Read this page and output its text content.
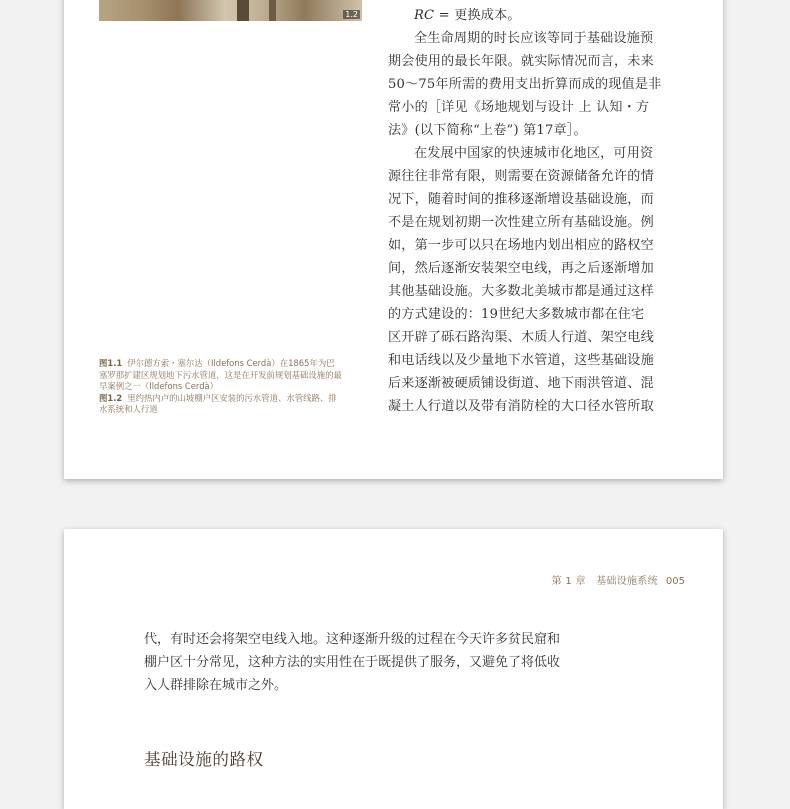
1.2	RC = 更换成本。
全生命周期的时长应该等同于基础设施预
期会使用的最长年限。就实际情况而言，未来
50～75年所需的费用支出折算而成的现值是非
常小的［详见《场地规划与设计 上 认知・方
法》(以下简称“上卷”) 第17章］。
在发展中国家的快速城市化地区，可用资
源往往非常有限，则需要在资源储备允许的情
况下，随着时间的推移逐渐增设基础设施，而
不是在规划初期一次性建立所有基础设施。例
如，第一步可以只在场地内划出相应的路权空
间，然后逐渐安装架空电线，再之后逐渐增加
其他基础设施。大多数北美城市都是通过这样
的方式建设的：19世纪大多数城市都在住宅
区开辟了砾石路沟渠、木质人行道、架空电线
和电话线以及少量地下水管道，这些基础设施
后来逐渐被硬质铺设街道、地下雨洪管道、混
凝土人行道以及带有消防栓的大口径水管所取

图1.1 伊尔德方索・塞尔达（Ildefons Cerdà）在1865年为巴

塞罗那扩建区规划地下污水管道，这是在开发前规划基础设施的最

早案例之一（Ildefons Cerdà）

图1.2 里约热内卢的山坡棚户区安装的污水管道、水管线路、排

水系统和人行道

第 1 章　基础设施系统 005
代，有时还会将架空电线入地。这种逐渐升级的过程在今天许多贫民窟和
棚户区十分常见，这种方法的实用性在于既提供了服务，又避免了将低收
入人群排除在城市之外。
基础设施的路权
